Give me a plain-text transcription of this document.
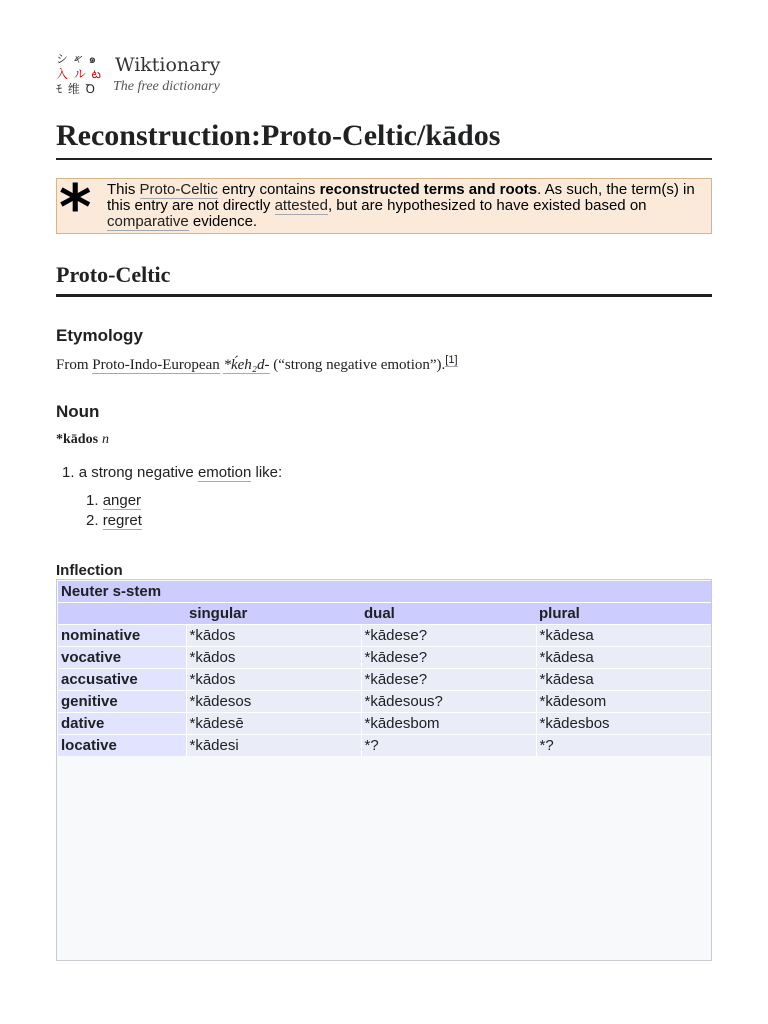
シ 𐤀 ๑
入 ル ట
ﾓ 维 Ꝺ
Wiktionary
The free dictionary
Reconstruction:Proto-Celtic/kādos
* This Proto-Celtic entry contains reconstructed terms and roots. As such, the term(s) in this entry are not directly attested, but are hypothesized to have existed based on comparative evidence.
Proto-Celtic
Etymology
From Proto-Indo-European *ḱeh₂d- (“strong negative emotion”).[1]
Noun
*kādos n
1. a strong negative emotion like:
1. anger
2. regret
Inflection
Neuter s-stem			
	singular	dual	plural
nominative	*kādos	*kādese?	*kādesa
vocative	*kādos	*kādese?	*kādesa
accusative	*kādos	*kādese?	*kādesa
genitive	*kādesos	*kādesous?	*kādesom
dative	*kādesē	*kādesbom	*kādesbos
locative	*kādesi	*?	*?
